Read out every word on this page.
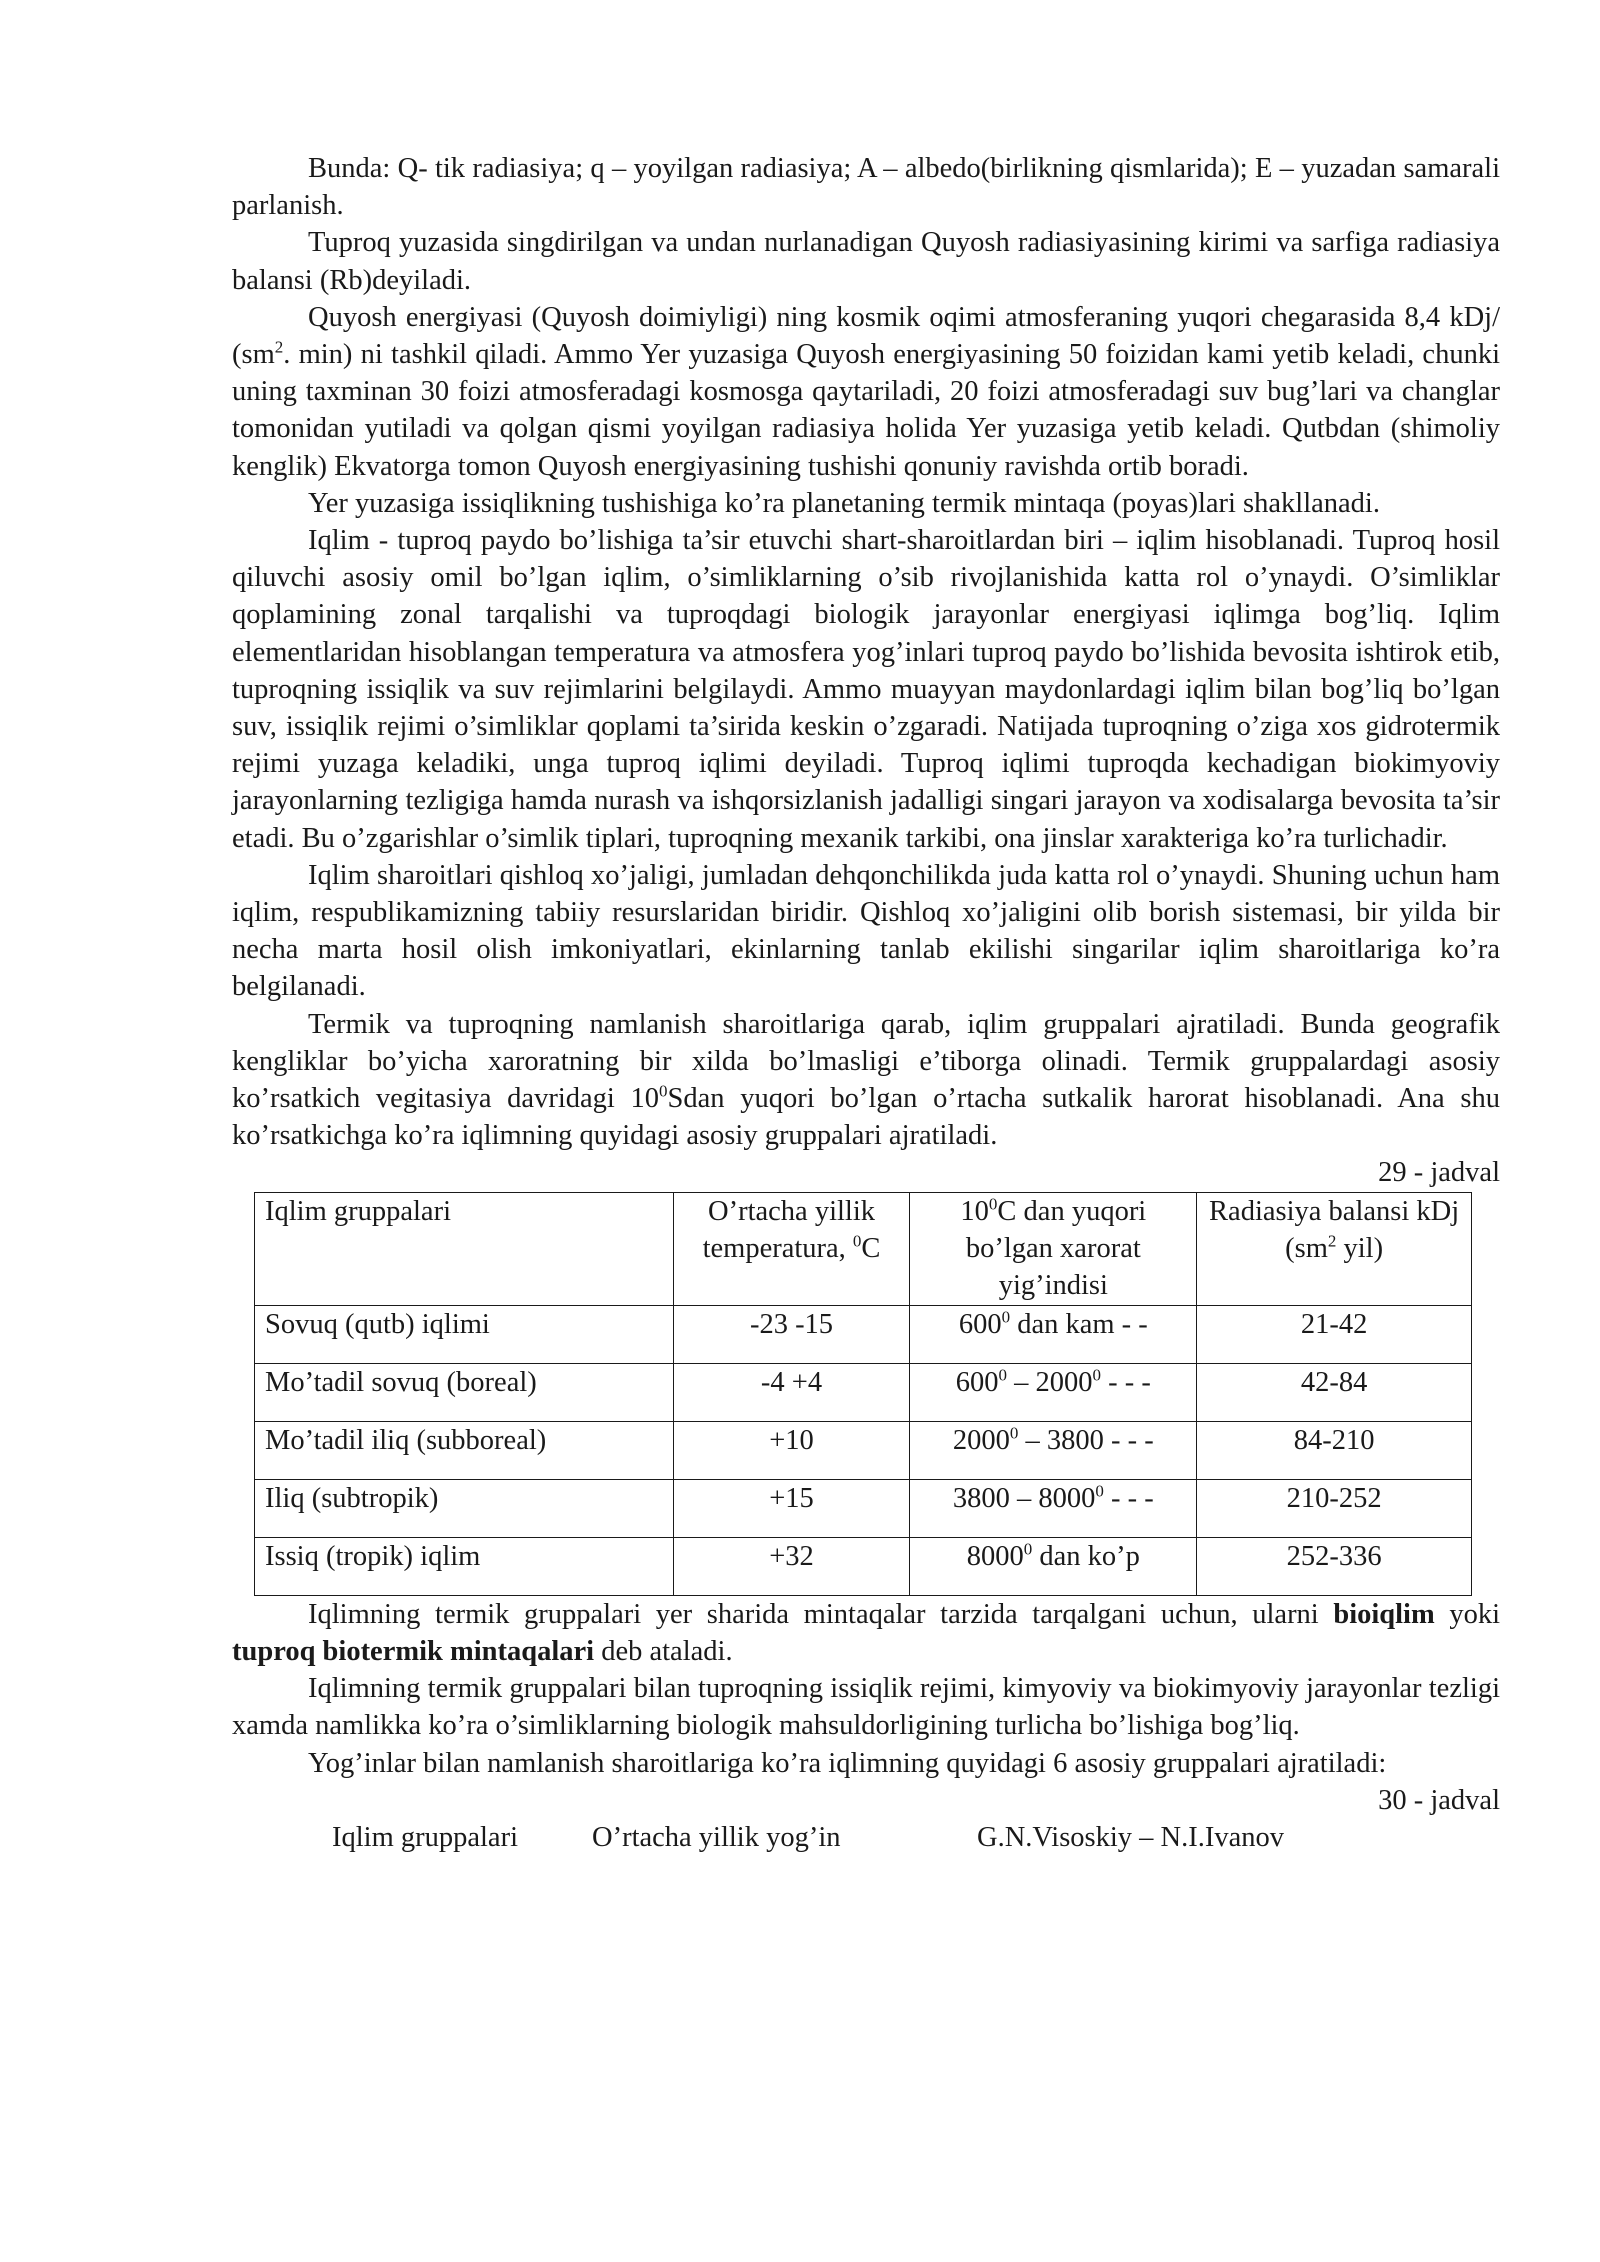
Bunda: Q- tik radiasiya; q – yoyilgan radiasiya; A – albedo(birlikning qismlarida); E – yuzadan samarali parlanish.

Tuproq yuzasida singdirilgan va undan nurlanadigan Quyosh radiasiyasining kirimi va sarfiga radiasiya balansi (Rb)deyiladi.

Quyosh energiyasi (Quyosh doimiyligi) ning kosmik oqimi atmosferaning yuqori chegarasida 8,4 kDj/ ($sm^2$. min) ni tashkil qiladi. Ammo Yer yuzasiga Quyosh energiyasining 50 foizidan kami yetib keladi, chunki uning taxminan 30 foizi atmosferadagi kosmosga qaytariladi, 20 foizi atmosferadagi suv bug’lari va changlar tomonidan yutiladi va qolgan qismi yoyilgan radiasiya holida Yer yuzasiga yetib keladi. Qutbdan (shimoliy kenglik) Ekvatorga tomon Quyosh energiyasining tushishi qonuniy ravishda ortib boradi.

Yer yuzasiga issiqlikning tushishiga ko’ra planetaning termik mintaqa (poyas)lari shakllanadi.

Iqlim - tuproq paydo bo’lishiga ta’sir etuvchi shart-sharoitlardan biri – iqlim hisoblanadi. Tuproq hosil qiluvchi asosiy omil bo’lgan iqlim, o’simliklarning o’sib rivojlanishida katta rol o’ynaydi. O’simliklar qoplamining zonal tarqalishi va tuproqdagi biologik jarayonlar energiyasi iqlimga bog’liq. Iqlim elementlaridan hisoblangan temperatura va atmosfera yog’inlari tuproq paydo bo’lishida bevosita ishtirok etib, tuproqning issiqlik va suv rejimlarini belgilaydi. Ammo muayyan maydonlardagi iqlim bilan bog’liq bo’lgan suv, issiqlik rejimi o’simliklar qoplami ta’sirida keskin o’zgaradi. Natijada tuproqning o’ziga xos gidrotermik rejimi yuzaga keladiki, unga tuproq iqlimi deyiladi. Tuproq iqlimi tuproqda kechadigan biokimyoviy jarayonlarning tezligiga hamda nurash va ishqorsizlanish jadalligi singari jarayon va xodisalarga bevosita ta’sir etadi. Bu o’zgarishlar o’simlik tiplari, tuproqning mexanik tarkibi, ona jinslar xarakteriga ko’ra turlichadir.

Iqlim sharoitlari qishloq xo’jaligi, jumladan dehqonchilikda juda katta rol o’ynaydi. Shuning uchun ham iqlim, respublikamizning tabiiy resurslaridan biridir. Qishloq xo’jaligini olib borish sistemasi, bir yilda bir necha marta hosil olish imkoniyatlari, ekinlarning tanlab ekilishi singarilar iqlim sharoitlariga ko’ra belgilanadi.

Termik va tuproqning namlanish sharoitlariga qarab, iqlim gruppalari ajratiladi. Bunda geografik kengliklar bo’yicha xaroratning bir xilda bo’lmasligi e’tiborga olinadi. Termik gruppalardagi asosiy ko’rsatkich vegitasiya davridagi $10^0Sdan$ yuqori bo’lgan o’rtacha sutkalik harorat hisoblanadi. Ana shu ko’rsatkichga ko’ra iqlimning quyidagi asosiy gruppalari ajratiladi.

29 - jadval

Iqlim gruppalari	O’rtacha yillik temperatura, $^0$C	$10^0C$ dan yuqori bo’lgan xarorat yig’indisi	Radiasiya balansi kDj ($sm^2$ yil)
Sovuq (qutb) iqlimi	-23 -15	$600^0$ dan kam - -	21-42
Mo’tadil sovuq (boreal)	-4 +4	$600^0 - 2000^0$ - - -	42-84
Mo’tadil iliq (subboreal)	+10	2000$^0$ – 3800 - - -	84-210
Iliq (subtropik)	+15	3800 – 8000$^0$ - - -	210-252
Issiq (tropik) iqlim	+32	8000$^0$ dan ko’p	252-336

Iqlimning termik gruppalari yer sharida mintaqalar tarzida tarqalgani uchun, ularni bioiqlim yoki tuproq biotermik mintaqalari deb ataladi.

Iqlimning termik gruppalari bilan tuproqning issiqlik rejimi, kimyoviy va biokimyoviy jarayonlar tezligi xamda namlikka ko’ra o’simliklarning biologik mahsuldorligining turlicha bo’lishiga bog’liq.

Yog’inlar bilan namlanish sharoitlariga ko’ra iqlimning quyidagi 6 asosiy gruppalari ajratiladi:

30 - jadval

Iqlim gruppalari	O’rtacha yillik yog’in	G.N.Visoskiy – N.I.Ivanov
